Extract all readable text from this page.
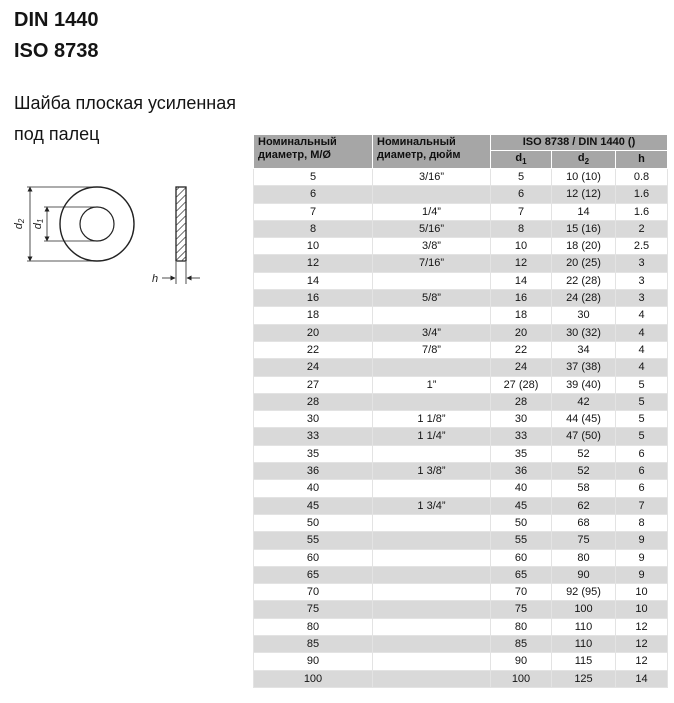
DIN 1440
ISO 8738
Шайба плоская усиленная
под палец
d2
d1
h
Номинальный диаметр, М/Ø	Номинальный диаметр, дюйм	ISO 8738 / DIN 1440 ()		
		$d_1$	$d_2$	h
5	3/16”	5	10 (10)	0.8
6		6	12 (12)	1.6
7	1/4”	7	14	1.6
8	5/16”	8	15 (16)	2
10	3/8”	10	18 (20)	2.5
12	7/16”	12	20 (25)	3
14		14	22 (28)	3
16	5/8”	16	24 (28)	3
18		18	30	4
20	3/4”	20	30 (32)	4
22	7/8”	22	34	4
24		24	37 (38)	4
27	1”	27 (28)	39 (40)	5
28		28	42	5
30	1 1/8”	30	44 (45)	5
33	1 1/4”	33	47 (50)	5
35		35	52	6
36	1 3/8”	36	52	6
40		40	58	6
45	1 3/4”	45	62	7
50		50	68	8
55		55	75	9
60		60	80	9
65		65	90	9
70		70	92 (95)	10
75		75	100	10
80		80	110	12
85		85	110	12
90		90	115	12
100		100	125	14
